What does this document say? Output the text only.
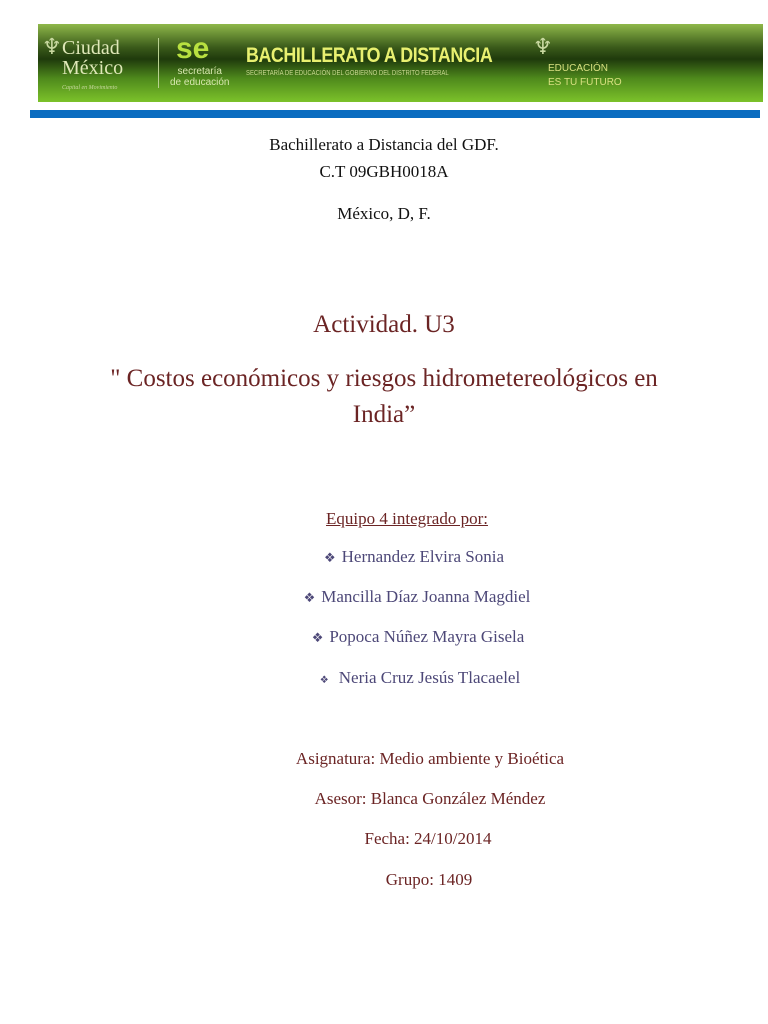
♆ Ciudad
México
Capital en Movimiento
se
secretaría
de educación
BACHILLERATO A DISTANCIA
SECRETARÍA DE EDUCACIÓN DEL GOBIERNO DEL DISTRITO FEDERAL
♆
EDUCACIÓN
ES TU FUTURO
Bachillerato a Distancia del GDF.
C.T 09GBH0018A
México, D, F.
Actividad. U3
" Costos económicos y riesgos hidrometereológicos en
India”
Equipo 4 integrado por:
❖ Hernandez Elvira Sonia
❖ Mancilla Díaz Joanna Magdiel
❖ Popoca Núñez Mayra Gisela
❖ Neria Cruz Jesús Tlacaelel
Asignatura: Medio ambiente y Bioética
Asesor: Blanca González Méndez
Fecha: 24/10/2014
Grupo: 1409
